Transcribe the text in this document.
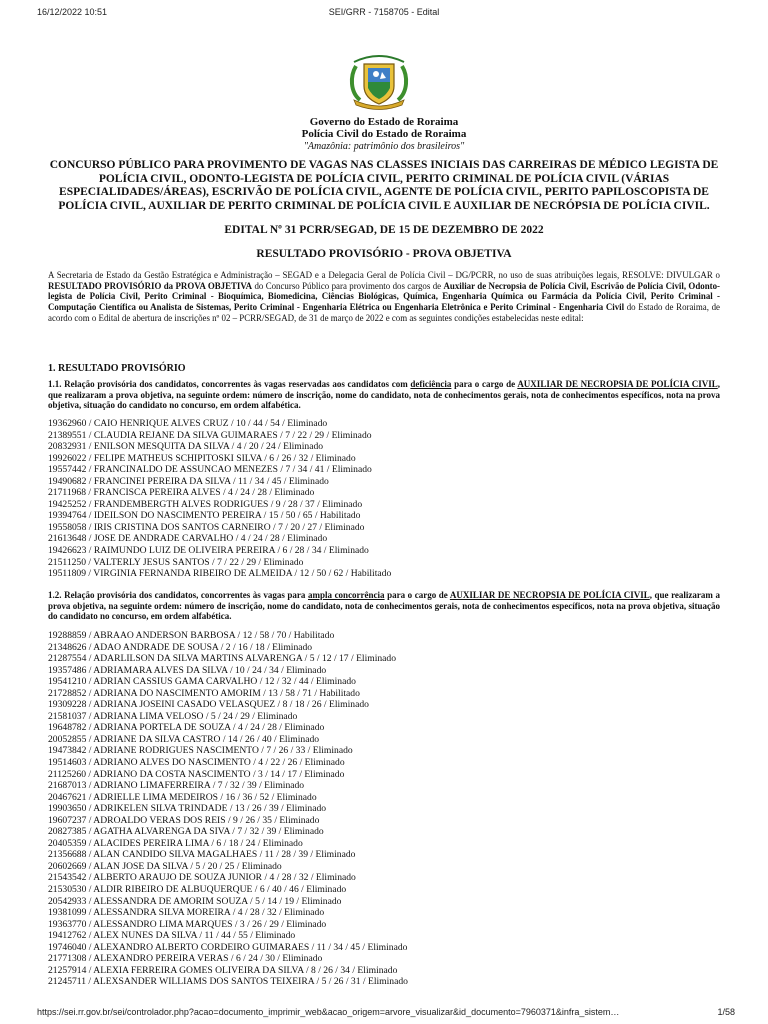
16/12/2022 10:51	SEI/GRR - 7158705 - Edital
Governo do Estado de Roraima
Polícia Civil do Estado de Roraima
"Amazônia: patrimônio dos brasileiros"
CONCURSO PÚBLICO PARA PROVIMENTO DE VAGAS NAS CLASSES INICIAIS DAS CARREIRAS DE MÉDICO LEGISTA DE POLÍCIA CIVIL, ODONTO-LEGISTA DE POLÍCIA CIVIL, PERITO CRIMINAL DE POLÍCIA CIVIL (VÁRIAS ESPECIALIDADES/ÁREAS), ESCRIVÃO DE POLÍCIA CIVIL, AGENTE DE POLÍCIA CIVIL, PERITO PAPILOSCOPISTA DE POLÍCIA CIVIL, AUXILIAR DE PERITO CRIMINAL DE POLÍCIA CIVIL E AUXILIAR DE NECRÓPSIA DE POLÍCIA CIVIL.
EDITAL Nº 31 PCRR/SEGAD, DE 15 DE DEZEMBRO DE 2022
RESULTADO PROVISÓRIO - PROVA OBJETIVA
A Secretaria de Estado da Gestão Estratégica e Administração – SEGAD e a Delegacia Geral de Polícia Civil – DG/PCRR, no uso de suas atribuições legais, RESOLVE: DIVULGAR o RESULTADO PROVISÓRIO da PROVA OBJETIVA do Concurso Público para provimento dos cargos de Auxiliar de Necropsia de Polícia Civil, Escrivão de Polícia Civil, Odonto-legista de Polícia Civil, Perito Criminal - Bioquímica, Biomedicina, Ciências Biológicas, Química, Engenharia Química ou Farmácia da Polícia Civil, Perito Criminal - Computação Científica ou Analista de Sistemas, Perito Criminal - Engenharia Elétrica ou Engenharia Eletrônica e Perito Criminal - Engenharia Civil do Estado de Roraima, de acordo com o Edital de abertura de inscrições nº 02 – PCRR/SEGAD, de 31 de março de 2022 e com as seguintes condições estabelecidas neste edital:
1. RESULTADO PROVISÓRIO
1.1. Relação provisória dos candidatos, concorrentes às vagas reservadas aos candidatos com deficiência para o cargo de AUXILIAR DE NECROPSIA DE POLÍCIA CIVIL, que realizaram a prova objetiva, na seguinte ordem: número de inscrição, nome do candidato, nota de conhecimentos gerais, nota de conhecimentos específicos, nota na prova objetiva, situação do candidato no concurso, em ordem alfabética.
19362960 / CAIO HENRIQUE ALVES CRUZ / 10 / 44 / 54 / Eliminado
21389551 / CLAUDIA REJANE DA SILVA GUIMARAES / 7 / 22 / 29 / Eliminado
20832931 / ENILSON MESQUITA DA SILVA / 4 / 20 / 24 / Eliminado
19926022 / FELIPE MATHEUS SCHIPITOSKI SILVA / 6 / 26 / 32 / Eliminado
19557442 / FRANCINALDO DE ASSUNCAO MENEZES / 7 / 34 / 41 / Eliminado
19490682 / FRANCINEI PEREIRA DA SILVA / 11 / 34 / 45 / Eliminado
21711968 / FRANCISCA PEREIRA ALVES / 4 / 24 / 28 / Eliminado
19425252 / FRANDEMBERGTH ALVES RODRIGUES / 9 / 28 / 37 / Eliminado
19394764 / IDEILSON DO NASCIMENTO PEREIRA / 15 / 50 / 65 / Habilitado
19558058 / IRIS CRISTINA DOS SANTOS CARNEIRO / 7 / 20 / 27 / Eliminado
21613648 / JOSE DE ANDRADE CARVALHO / 4 / 24 / 28 / Eliminado
19426623 / RAIMUNDO LUIZ DE OLIVEIRA PEREIRA / 6 / 28 / 34 / Eliminado
21511250 / VALTERLY JESUS SANTOS / 7 / 22 / 29 / Eliminado
19511809 / VIRGINIA FERNANDA RIBEIRO DE ALMEIDA / 12 / 50 / 62 / Habilitado
1.2. Relação provisória dos candidatos, concorrentes às vagas para ampla concorrência para o cargo de AUXILIAR DE NECROPSIA DE POLÍCIA CIVIL, que realizaram a prova objetiva, na seguinte ordem: número de inscrição, nome do candidato, nota de conhecimentos gerais, nota de conhecimentos específicos, nota na prova objetiva, situação do candidato no concurso, em ordem alfabética.
19288859 / ABRAAO ANDERSON BARBOSA / 12 / 58 / 70 / Habilitado
21348626 / ADAO ANDRADE DE SOUSA / 2 / 16 / 18 / Eliminado
21287554 / ADARLILSON DA SILVA MARTINS ALVARENGA / 5 / 12 / 17 / Eliminado
19357486 / ADRIAMARA ALVES DA SILVA / 10 / 24 / 34 / Eliminado
19541210 / ADRIAN CASSIUS GAMA CARVALHO / 12 / 32 / 44 / Eliminado
21728852 / ADRIANA DO NASCIMENTO AMORIM / 13 / 58 / 71 / Habilitado
19309228 / ADRIANA JOSEINI CASADO VELASQUEZ / 8 / 18 / 26 / Eliminado
21581037 / ADRIANA LIMA VELOSO / 5 / 24 / 29 / Eliminado
19648782 / ADRIANA PORTELA DE SOUZA / 4 / 24 / 28 / Eliminado
20052855 / ADRIANE DA SILVA CASTRO / 14 / 26 / 40 / Eliminado
19473842 / ADRIANE RODRIGUES NASCIMENTO / 7 / 26 / 33 / Eliminado
19514603 / ADRIANO ALVES DO NASCIMENTO / 4 / 22 / 26 / Eliminado
21125260 / ADRIANO DA COSTA NASCIMENTO / 3 / 14 / 17 / Eliminado
21687013 / ADRIANO LIMAFERREIRA / 7 / 32 / 39 / Eliminado
20467621 / ADRIELLE LIMA MEDEIROS / 16 / 36 / 52 / Eliminado
19903650 / ADRIKELEN SILVA TRINDADE / 13 / 26 / 39 / Eliminado
19607237 / ADROALDO VERAS DOS REIS / 9 / 26 / 35 / Eliminado
20827385 / AGATHA ALVARENGA DA SIVA / 7 / 32 / 39 / Eliminado
20405359 / ALACIDES PEREIRA LIMA / 6 / 18 / 24 / Eliminado
21356688 / ALAN CANDIDO SILVA MAGALHAES / 11 / 28 / 39 / Eliminado
20602669 / ALAN JOSE DA SILVA / 5 / 20 / 25 / Eliminado
21543542 / ALBERTO ARAUJO DE SOUZA JUNIOR / 4 / 28 / 32 / Eliminado
21530530 / ALDIR RIBEIRO DE ALBUQUERQUE / 6 / 40 / 46 / Eliminado
20542933 / ALESSANDRA DE AMORIM SOUZA / 5 / 14 / 19 / Eliminado
19381099 / ALESSANDRA SILVA MOREIRA / 4 / 28 / 32 / Eliminado
19363770 / ALESSANDRO LIMA MARQUES / 3 / 26 / 29 / Eliminado
19412762 / ALEX NUNES DA SILVA / 11 / 44 / 55 / Eliminado
19746040 / ALEXANDRO ALBERTO CORDEIRO GUIMARAES / 11 / 34 / 45 / Eliminado
21771308 / ALEXANDRO PEREIRA VERAS / 6 / 24 / 30 / Eliminado
21257914 / ALEXIA FERREIRA GOMES OLIVEIRA DA SILVA / 8 / 26 / 34 / Eliminado
21245711 / ALEXSANDER WILLIAMS DOS SANTOS TEIXEIRA / 5 / 26 / 31 / Eliminado
https://sei.rr.gov.br/sei/controlador.php?acao=documento_imprimir_web&acao_origem=arvore_visualizar&id_documento=7960371&infra_sistem…	1/58
